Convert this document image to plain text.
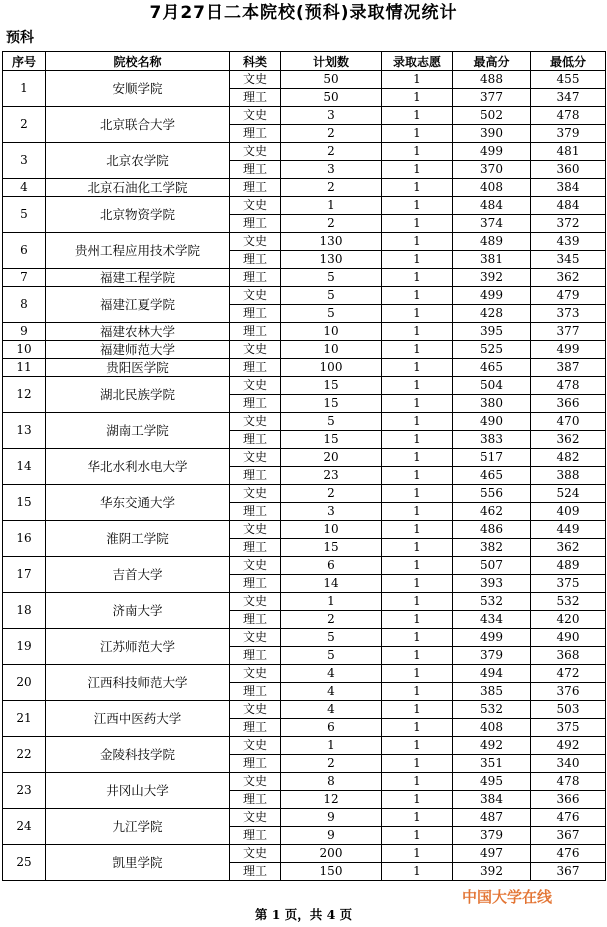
7月27日二本院校(预科)录取情况统计
预科
序号	院校名称	科类	计划数	录取志愿	最高分	最低分
1	安顺学院	文史	50	1	488	455
		理工	50	1	377	347
2	北京联合大学	文史	3	1	502	478
		理工	2	1	390	379
3	北京农学院	文史	2	1	499	481
		理工	3	1	370	360
4	北京石油化工学院	理工	2	1	408	384
5	北京物资学院	文史	1	1	484	484
		理工	2	1	374	372
6	贵州工程应用技术学院	文史	130	1	489	439
		理工	130	1	381	345
7	福建工程学院	理工	5	1	392	362
8	福建江夏学院	文史	5	1	499	479
		理工	5	1	428	373
9	福建农林大学	理工	10	1	395	377
10	福建师范大学	文史	10	1	525	499
11	贵阳医学院	理工	100	1	465	387
12	湖北民族学院	文史	15	1	504	478
		理工	15	1	380	366
13	湖南工学院	文史	5	1	490	470
		理工	15	1	383	362
14	华北水利水电大学	文史	20	1	517	482
		理工	23	1	465	388
15	华东交通大学	文史	2	1	556	524
		理工	3	1	462	409
16	淮阴工学院	文史	10	1	486	449
		理工	15	1	382	362
17	吉首大学	文史	6	1	507	489
		理工	14	1	393	375
18	济南大学	文史	1	1	532	532
		理工	2	1	434	420
19	江苏师范大学	文史	5	1	499	490
		理工	5	1	379	368
20	江西科技师范大学	文史	4	1	494	472
		理工	4	1	385	376
21	江西中医药大学	文史	4	1	532	503
		理工	6	1	408	375
22	金陵科技学院	文史	1	1	492	492
		理工	2	1	351	340
23	井冈山大学	文史	8	1	495	478
		理工	12	1	384	366
24	九江学院	文史	9	1	487	476
		理工	9	1	379	367
25	凯里学院	文史	200	1	497	476
		理工	150	1	392	367
第 1 页，共 4 页
中国大学在线
